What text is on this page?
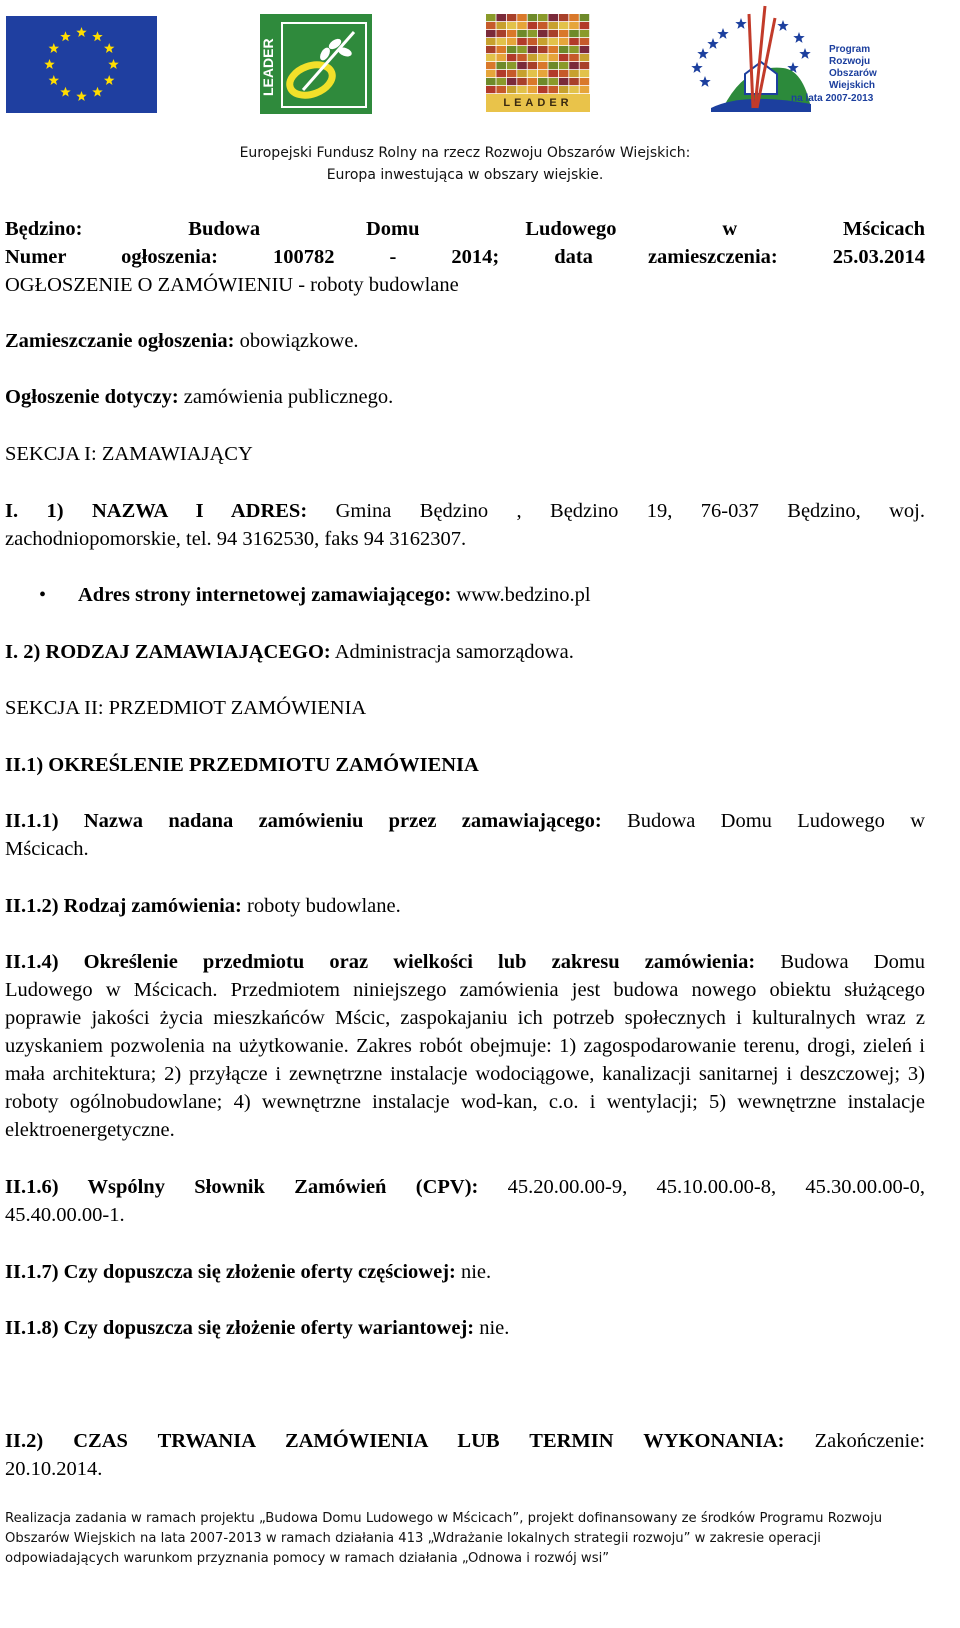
LEADER
LEADER
Program
Rozwoju
Obszarów
Wiejskich
na lata 2007-2013
Europejski Fundusz Rolny na rzecz Rozwoju Obszarów Wiejskich:
Europa inwestująca w obszary wiejskie.
Będzino: Budowa Domu Ludowego w Mścicach
Numer ogłoszenia: 100782 - 2014; data zamieszczenia: 25.03.2014
OGŁOSZENIE O ZAMÓWIENIU - roboty budowlane
Zamieszczanie ogłoszenia: obowiązkowe.
Ogłoszenie dotyczy: zamówienia publicznego.
SEKCJA I: ZAMAWIAJĄCY
I. 1) NAZWA I ADRES: Gmina Będzino , Będzino 19, 76-037 Będzino, woj.
zachodniopomorskie, tel. 94 3162530, faks 94 3162307.
• Adres strony internetowej zamawiającego: www.bedzino.pl
I. 2) RODZAJ ZAMAWIAJĄCEGO: Administracja samorządowa.
SEKCJA II: PRZEDMIOT ZAMÓWIENIA
II.1) OKREŚLENIE PRZEDMIOTU ZAMÓWIENIA
II.1.1) Nazwa nadana zamówieniu przez zamawiającego: Budowa Domu Ludowego w
Mścicach.
II.1.2) Rodzaj zamówienia: roboty budowlane.
II.1.4) Określenie przedmiotu oraz wielkości lub zakresu zamówienia: Budowa Domu
Ludowego w Mścicach. Przedmiotem niniejszego zamówienia jest budowa nowego obiektu służącego poprawie jakości życia mieszkańców Mścic, zaspokajaniu ich potrzeb społecznych i kulturalnych wraz z uzyskaniem pozwolenia na użytkowanie. Zakres robót obejmuje: 1) zagospodarowanie terenu, drogi, zieleń i mała architektura; 2) przyłącze i zewnętrzne instalacje wodociągowe, kanalizacji sanitarnej i deszczowej; 3) roboty ogólnobudowlane; 4) wewnętrzne instalacje wod-kan, c.o. i wentylacji; 5) wewnętrzne instalacje elektroenergetyczne.
II.1.6) Wspólny Słownik Zamówień (CPV): 45.20.00.00-9, 45.10.00.00-8, 45.30.00.00-0,
45.40.00.00-1.
II.1.7) Czy dopuszcza się złożenie oferty częściowej: nie.
II.1.8) Czy dopuszcza się złożenie oferty wariantowej: nie.
II.2) CZAS TRWANIA ZAMÓWIENIA LUB TERMIN WYKONANIA: Zakończenie:
20.10.2014.
Realizacja zadania w ramach projektu „Budowa Domu Ludowego w Mścicach”, projekt dofinansowany ze środków Programu Rozwoju
Obszarów Wiejskich na lata 2007-2013 w ramach działania 413 „Wdrażanie lokalnych strategii rozwoju” w zakresie operacji
odpowiadających warunkom przyznania pomocy w ramach działania „Odnowa i rozwój wsi”
